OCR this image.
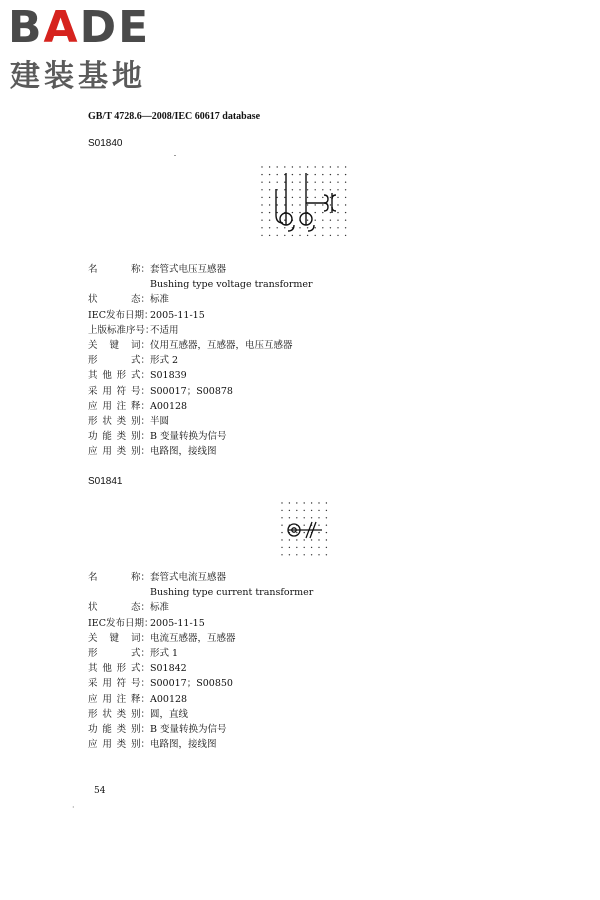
BADE
建装基地
GB/T 4728.6—2008/IEC 60617 database
S01840
名	称： 套管式电压互感器
Bushing type voltage transformer
状	态： 标准
IEC发布日期：
2005-11-15
上版标准序号：
不适用
关 键 词： 仪用互感器，互感器，电压互感器
形	式： 形式 2
其 他 形 式： S01839
采 用 符 号： S00017；S00878
应 用 注 释： A00128
形 状 类 别： 半圆
功 能 类 别： B 变量转换为信号
应 用 类 别： 电路图，接线图
S01841
名	称： 套管式电流互感器
Bushing type current transformer
状	态： 标准
IEC发布日期：
2005-11-15
关 键 词： 电流互感器，互感器
形	式： 形式 1
其 他 形 式： S01842
采 用 符 号： S00017；S00850
应 用 注 释： A00128
形 状 类 别： 圆，直线
功 能 类 别： B 变量转换为信号
应 用 类 别： 电路图，接线图
54
·
